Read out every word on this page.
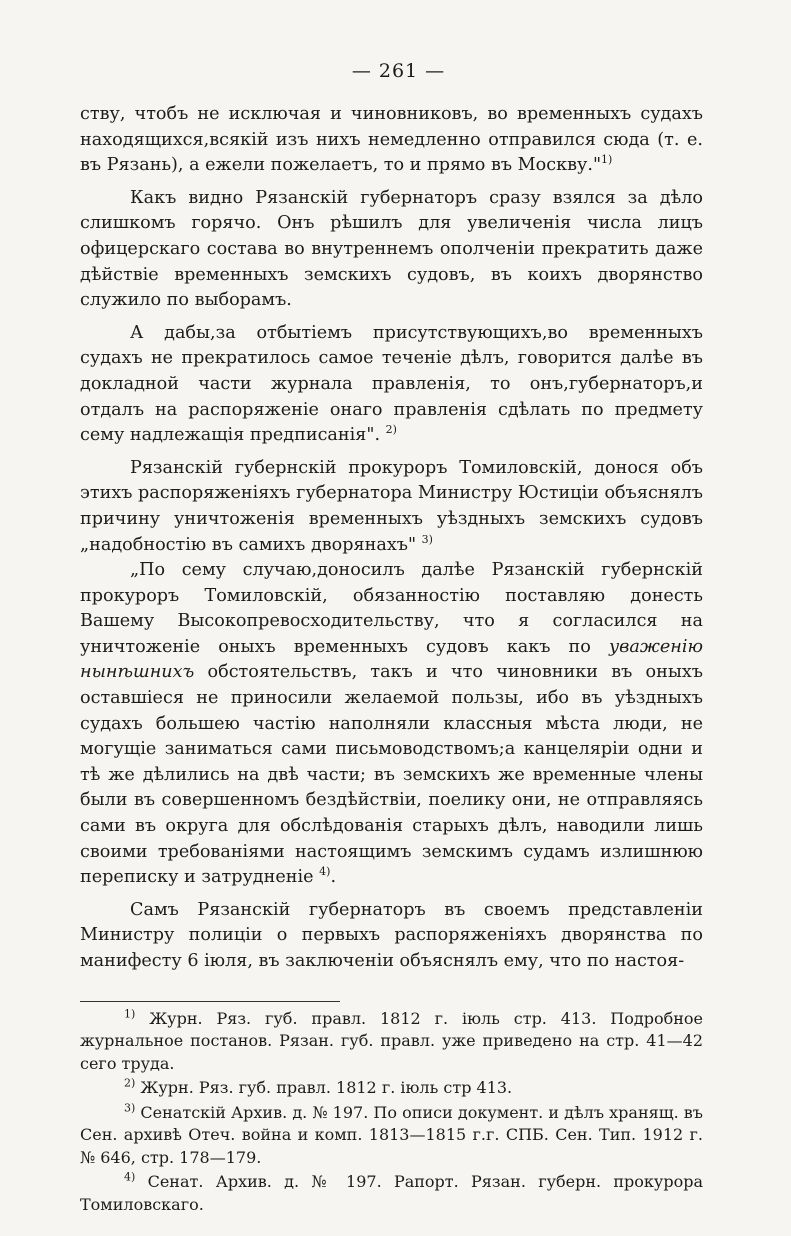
— 261 —

ству, чтобъ не исключая и чиновниковъ, во временныхъ судахъ находящихся,всякій изъ нихъ немедленно отправился сюда (т. е. въ Рязань), а ежели пожелаетъ, то и прямо въ Москву."$^{1)}$

Какъ видно Рязанскій губернаторъ сразу взялся за дѣло слишкомъ горячо. Онъ рѣшилъ для увеличенія числа лицъ офицерскаго состава во внутреннемъ ополченіи прекратить даже дѣйствіе временныхъ земскихъ судовъ, въ коихъ дворянство служило по выборамъ.

А дабы,за отбытіемъ присутствующихъ,во временныхъ судахъ не прекратилось самое теченіе дѣлъ, говорится далѣе въ докладной части журнала правленія, то онъ,губернаторъ,и отдалъ на распоряженіе онаго правленія сдѣлать по предмету сему надлежащія предписанія". $^{2)}$

Рязанскій губернскій прокуроръ Томиловскій, донося объ этихъ распоряженіяхъ губернатора Министру Юстиціи объяснялъ причину уничтоженія временныхъ уѣздныхъ земскихъ судовъ „надобностію въ самихъ дворянахъ" $^{3)}$

„По сему случаю,доносилъ далѣе Рязанскій губернскій прокуроръ Томиловскій, обязанностію поставляю донесть Вашему Высокопревосходительству, что я согласился на уничтоженіе оныхъ временныхъ судовъ какъ по уваженію нынѣшнихъ обстоятельствъ, такъ и что чиновники въ оныхъ оставшіеся не приносили желаемой пользы, ибо въ уѣздныхъ судахъ большею частію наполняли классныя мѣста люди, не могущіе заниматься сами письмоводствомъ;а канцеляріи одни и тѣ же дѣлились на двѣ части; въ земскихъ же временные члены были въ совершенномъ бездѣйствіи, поелику они, не отправляясь сами въ округа для обслѣдованія старыхъ дѣлъ, наводили лишь своими требованіями настоящимъ земскимъ судамъ излишнюю переписку и затрудненіе $^{4)}$.

Самъ Рязанскій губернаторъ въ своемъ представленіи Министру полиціи о первыхъ распоряженіяхъ дворянства по манифесту 6 іюля, въ заключеніи объяснялъ ему, что по настоя-

$^{1)}$ Журн. Ряз. губ. правл. 1812 г. іюль стр. 413. Подробное журнальное постанов. Рязан. губ. правл. уже приведено на стр. 41—42 сего труда.

$^{2)}$ Журн. Ряз. губ. правл. 1812 г. іюль стр 413.

$^{3)}$ Сенатскій Архив. д. № 197. По описи документ. и дѣлъ хранящ. въ Сен. архивѣ Отеч. война и комп. 1813—1815 г.г. СПБ. Сен. Тип. 1912 г. № 646, стр. 178—179.

$^{4)}$ Сенат. Архив. д. № 197. Рапорт. Рязан. губерн. прокурора Томиловскаго.
